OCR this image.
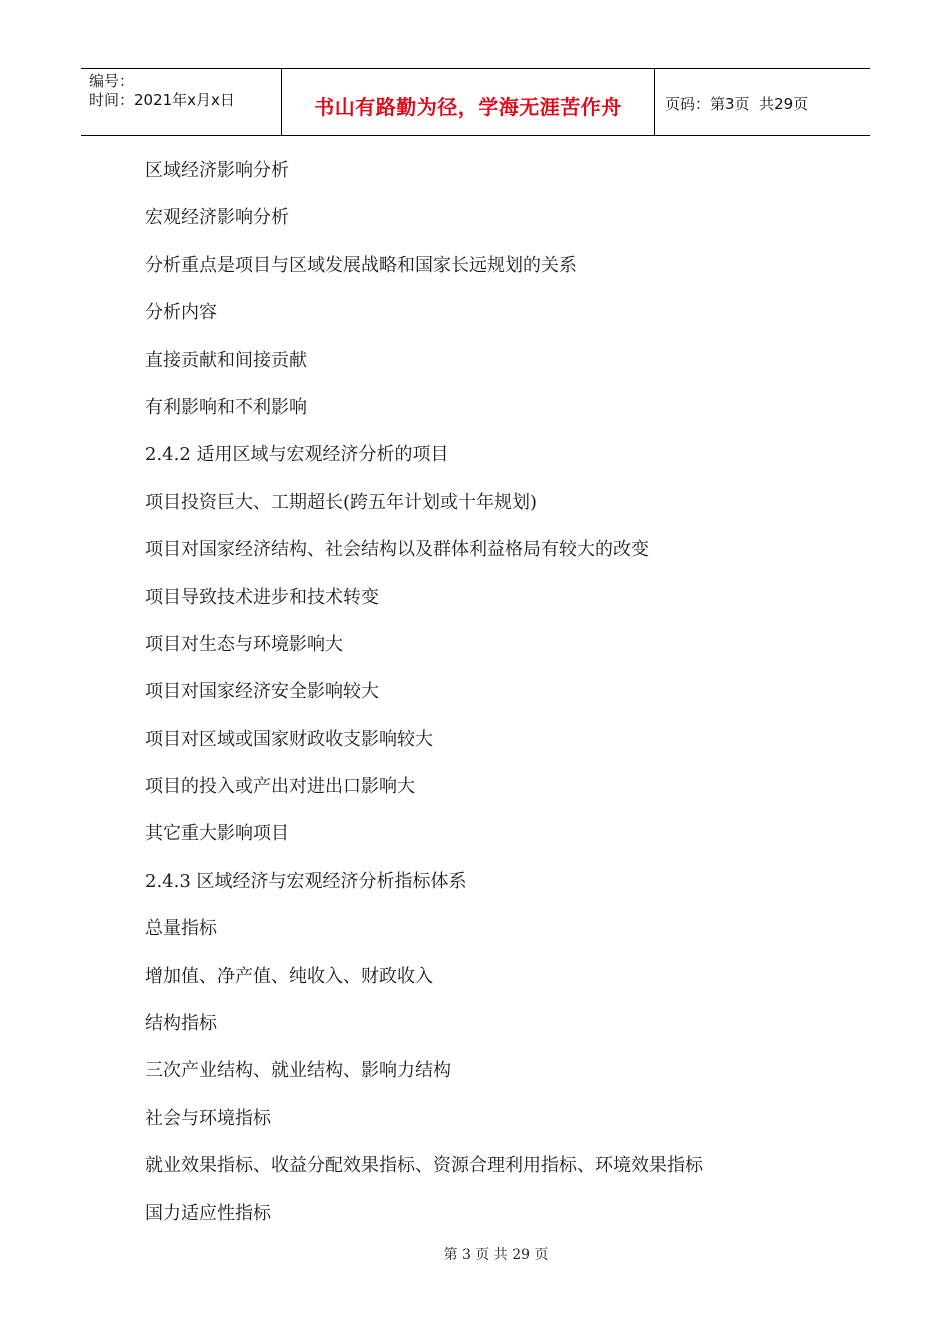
编号：
时间：2021年x月x日	书山有路勤为径，学海无涯苦作舟	页码：第3页  共29页
区域经济影响分析
宏观经济影响分析
分析重点是项目与区域发展战略和国家长远规划的关系
分析内容
直接贡献和间接贡献
有利影响和不利影响
2.4.2 适用区域与宏观经济分析的项目
项目投资巨大、工期超长(跨五年计划或十年规划)
项目对国家经济结构、社会结构以及群体利益格局有较大的改变
项目导致技术进步和技术转变
项目对生态与环境影响大
项目对国家经济安全影响较大
项目对区域或国家财政收支影响较大
项目的投入或产出对进出口影响大
其它重大影响项目
2.4.3 区域经济与宏观经济分析指标体系
总量指标
增加值、净产值、纯收入、财政收入
结构指标
三次产业结构、就业结构、影响力结构
社会与环境指标
就业效果指标、收益分配效果指标、资源合理利用指标、环境效果指标
国力适应性指标
第 3 页 共 29 页
